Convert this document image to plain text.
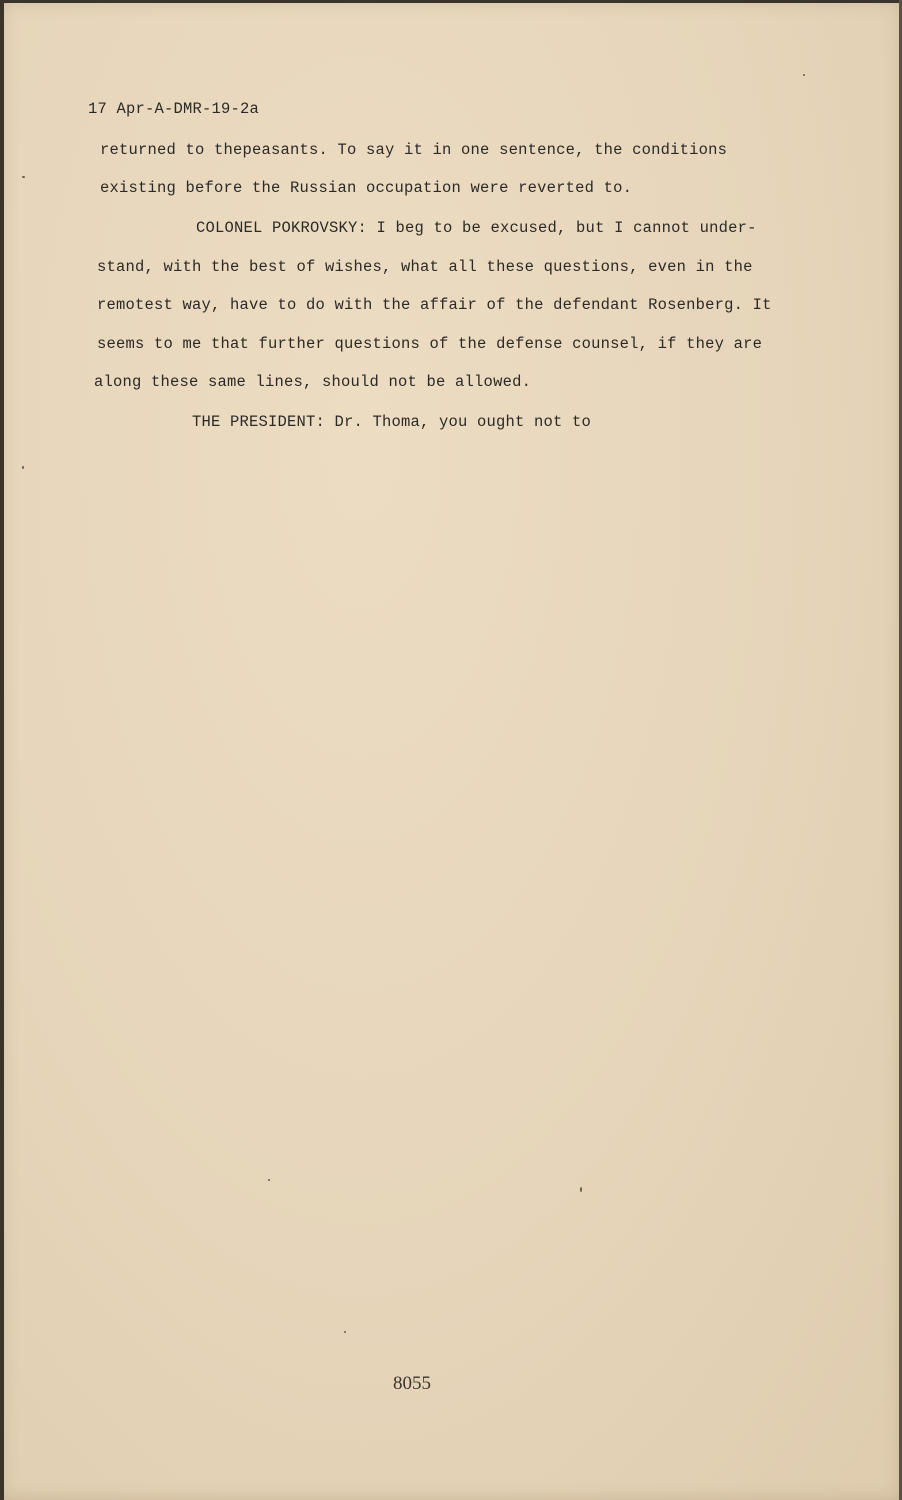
17 Apr-A-DMR-19-2a
returned to thepeasants. To say it in one sentence, the conditions
existing before the Russian occupation were reverted to.
COLONEL POKROVSKY: I beg to be excused, but I cannot under-
stand, with the best of wishes, what all these questions, even in the
remotest way, have to do with the affair of the defendant Rosenberg. It
seems to me that further questions of the defense counsel, if they are
along these same lines, should not be allowed.
THE PRESIDENT: Dr. Thoma, you ought not to
8055
